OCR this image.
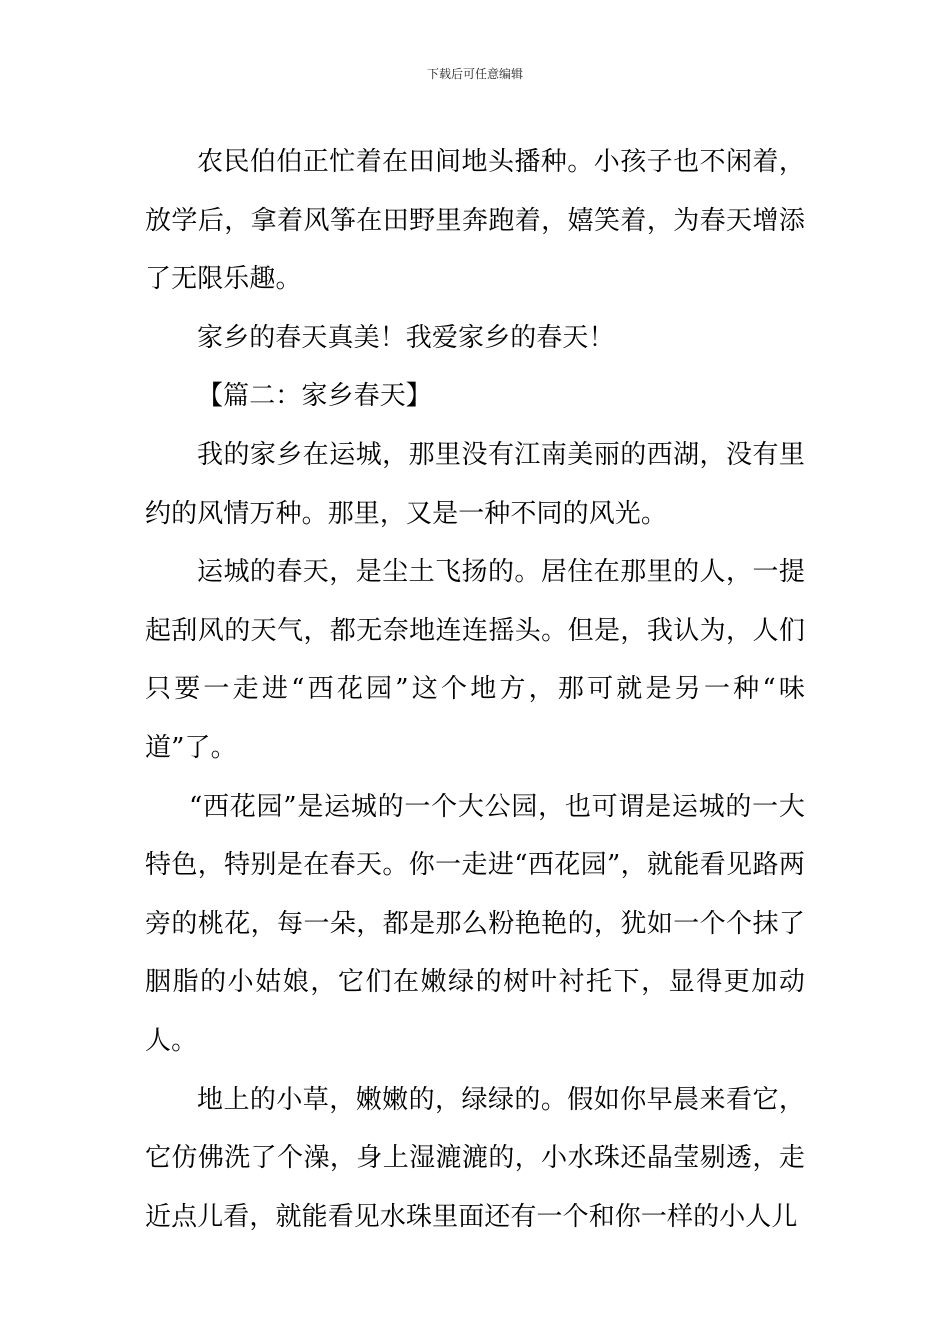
下载后可任意编辑

农民伯伯正忙着在田间地头播种。小孩子也不闲着，放学后，拿着风筝在田野里奔跑着，嬉笑着，为春天增添了无限乐趣。

家乡的春天真美！我爱家乡的春天！

【篇二：家乡春天】

我的家乡在运城，那里没有江南美丽的西湖，没有里约的风情万种。那里，又是一种不同的风光。

运城的春天，是尘土飞扬的。居住在那里的人，一提起刮风的天气，都无奈地连连摇头。但是，我认为，人们只要一走进“西花园”这个地方，那可就是另一种“味道”了。

“西花园”是运城的一个大公园，也可谓是运城的一大特色，特别是在春天。你一走进“西花园”，就能看见路两旁的桃花，每一朵，都是那么粉艳艳的，犹如一个个抹了胭脂的小姑娘，它们在嫩绿的树叶衬托下，显得更加动人。

地上的小草，嫩嫩的，绿绿的。假如你早晨来看它，它仿佛洗了个澡，身上湿漉漉的，小水珠还晶莹剔透，走近点儿看，就能看见水珠里面还有一个和你一样的小人儿
